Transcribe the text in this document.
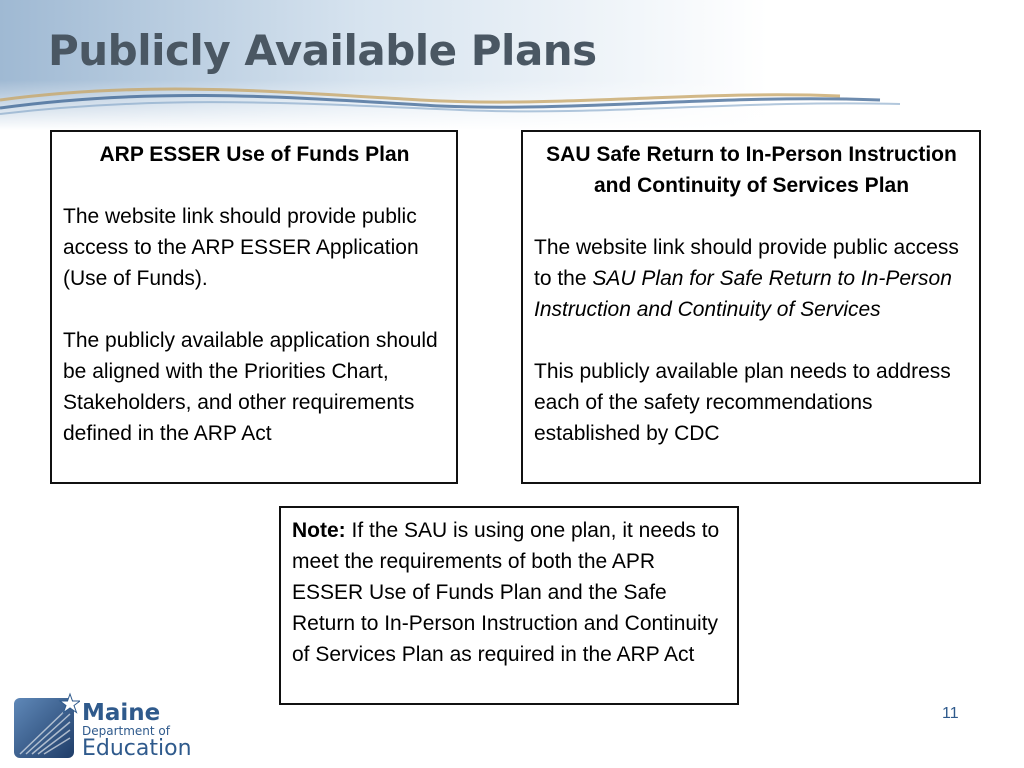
Publicly Available Plans

ARP ESSER Use of Funds Plan

The website link should provide public access to the ARP ESSER Application (Use of Funds).

The publicly available application should be aligned with the Priorities Chart, Stakeholders, and other requirements defined in the ARP Act

SAU Safe Return to In-Person Instruction and Continuity of Services Plan

The website link should provide public access to the SAU Plan for Safe Return to In-Person Instruction and Continuity of Services

This publicly available plan needs to address each of the safety recommendations established by CDC

Note: If the SAU is using one plan, it needs to meet the requirements of both the APR ESSER Use of Funds Plan and the Safe Return to In-Person Instruction and Continuity of Services Plan as required in the ARP Act

Maine
Department of
Education
11
